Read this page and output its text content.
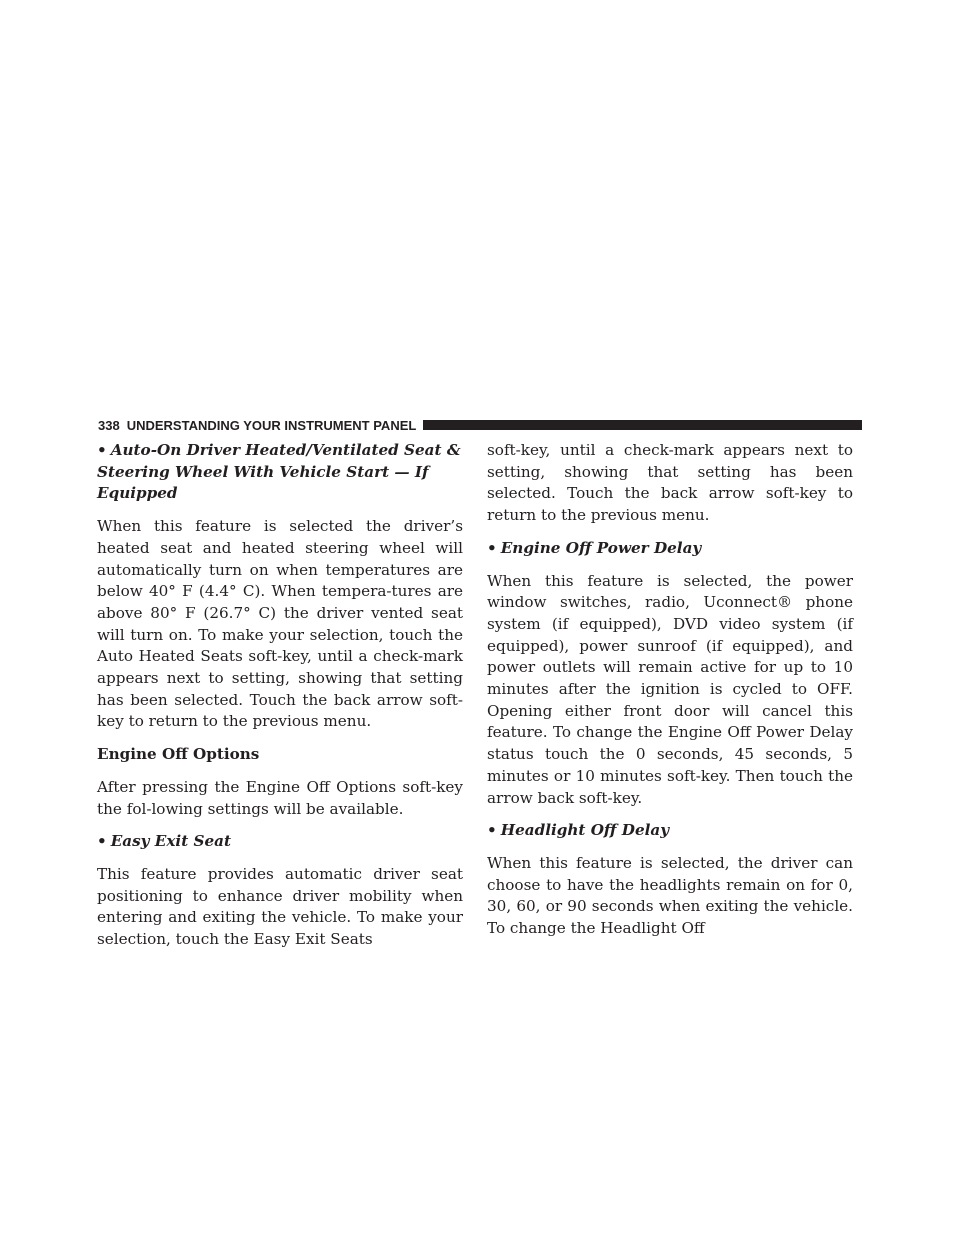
338 UNDERSTANDING YOUR INSTRUMENT PANEL

• Auto-On Driver Heated/Ventilated Seat & Steering Wheel With Vehicle Start — If Equipped

When this feature is selected the driver’s heated seat and heated steering wheel will automatically turn on when temperatures are below 40° F (4.4° C). When tempera-tures are above 80° F (26.7° C) the driver vented seat will turn on. To make your selection, touch the Auto Heated Seats soft-key, until a check-mark appears next to setting, showing that setting has been selected. Touch the back arrow soft-key to return to the previous menu.

Engine Off Options

After pressing the Engine Off Options soft-key the fol-lowing settings will be available.

• Easy Exit Seat

This feature provides automatic driver seat positioning to enhance driver mobility when entering and exiting the vehicle. To make your selection, touch the Easy Exit Seats

soft-key, until a check-mark appears next to setting, showing that setting has been selected. Touch the back arrow soft-key to return to the previous menu.

• Engine Off Power Delay

When this feature is selected, the power window switches, radio, Uconnect® phone system (if equipped), DVD video system (if equipped), power sunroof (if equipped), and power outlets will remain active for up to 10 minutes after the ignition is cycled to OFF. Opening either front door will cancel this feature. To change the Engine Off Power Delay status touch the 0 seconds, 45 seconds, 5 minutes or 10 minutes soft-key. Then touch the arrow back soft-key.

• Headlight Off Delay

When this feature is selected, the driver can choose to have the headlights remain on for 0, 30, 60, or 90 seconds when exiting the vehicle. To change the Headlight Off
